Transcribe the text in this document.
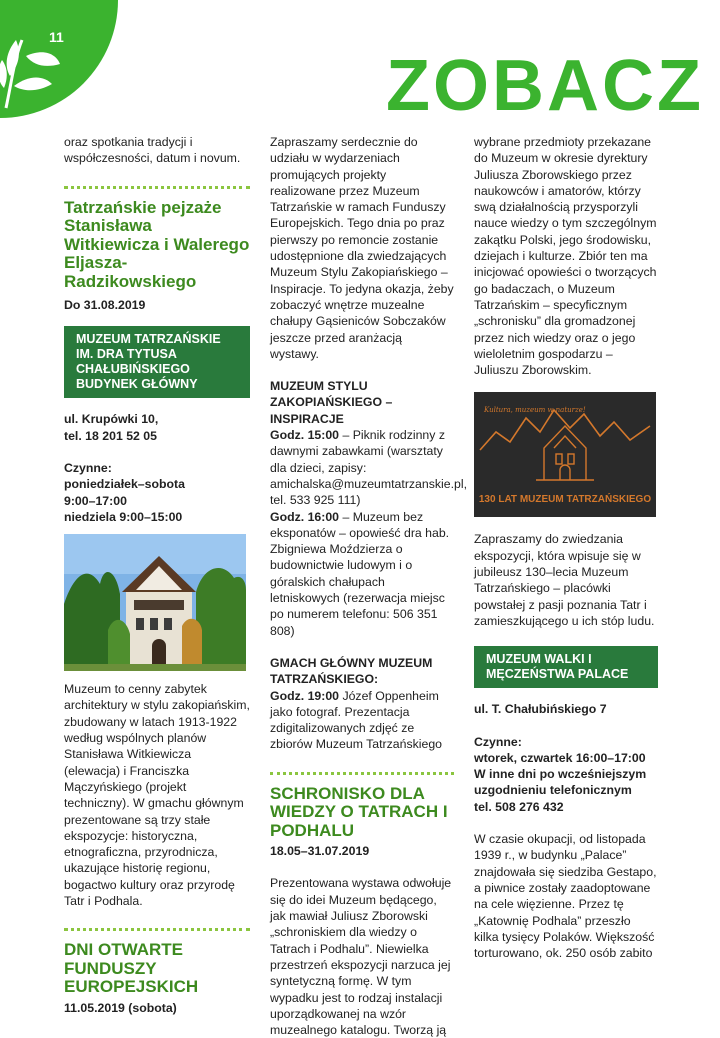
11
ZOBACZ

oraz spotkania tradycji i współczesności, datum i novum.

Tatrzańskie pejzaże Stanisława Witkiewicza i Walerego Eljasza-Radzikowskiego
Do 31.08.2019
MUZEUM TATRZAŃSKIE IM. DRA TYTUSA CHAŁUBIŃSKIEGO BUDYNEK GŁÓWNY

ul. Krupówki 10,

tel. 18 201 52 05

Czynne:

poniedziałek–sobota

9:00–17:00

niedziela 9:00–15:00

Muzeum to cenny zabytek architektury w stylu zakopiańskim, zbudowany w latach 1913-1922 według wspólnych planów Stanisława Witkiewicza (elewacja) i Franciszka Mączyńskiego (projekt techniczny). W gmachu głównym prezentowane są trzy stałe ekspozycje: historyczna, etnograficzna, przyrodnicza, ukazujące historię regionu, bogactwo kultury oraz przyrodę Tatr i Podhala.

DNI OTWARTE FUNDUSZY EUROPEJSKICH
11.05.2019 (sobota)

Zapraszamy serdecznie do udziału w wydarzeniach promujących projekty realizowane przez Muzeum Tatrzańskie w ramach Funduszy Europejskich. Tego dnia po praz pierwszy po remoncie zostanie udostępnione dla zwiedzających Muzeum Stylu Zakopiańskiego – Inspiracje. To jedyna okazja, żeby zobaczyć wnętrze muzealne chałupy Gąsieniców Sobczaków jeszcze przed aranżacją wystawy.

MUZEUM STYLU ZAKOPIAŃSKIEGO – INSPIRACJE

Godz. 15:00 – Piknik rodzinny z dawnymi zabawkami (warsztaty dla dzieci, zapisy: amichalska@muzeumtatrzanskie.pl, tel. 533 925 111)

Godz. 16:00 – Muzeum bez eksponatów – opowieść dra hab. Zbigniewa Moździerza o budownictwie ludowym i o góralskich chałupach letniskowych (rezerwacja miejsc po numerem telefonu: 506 351 808)

GMACH GŁÓWNY MUZEUM TATRZAŃSKIEGO:

Godz. 19:00 Józef Oppenheim jako fotograf. Prezentacja zdigitalizowanych zdjęć ze zbiorów Muzeum Tatrzańskiego

SCHRONISKO DLA WIEDZY O TATRACH I PODHALU
18.05–31.07.2019

Prezentowana wystawa odwołuje się do idei Muzeum będącego, jak mawiał Juliusz Zborowski „schroniskiem dla wiedzy o Tatrach i Podhalu”. Niewielka przestrzeń ekspozycji narzuca jej syntetyczną formę. W tym wypadku jest to rodzaj instalacji uporządkowanej na wzór muzealnego katalogu. Tworzą ją

wybrane przedmioty przekazane do Muzeum w okresie dyrektury Juliusza Zborowskiego przez naukowców i amatorów, którzy swą działalnością przysporzyli nauce wiedzy o tym szczególnym zakątku Polski, jego środowisku, dziejach i kulturze. Zbiór ten ma inicjować opowieści o tworzących go badaczach, o Muzeum Tatrzańskim – specyficznym „schronisku” dla gromadzonej przez nich wiedzy oraz o jego wieloletnim gospodarzu – Juliuszu Zborowskim.

Kultura, muzeum w naturze!
130 LAT MUZEUM TATRZAŃSKIEGO

Zapraszamy do zwiedzania ekspozycji, która wpisuje się w jubileusz 130–lecia Muzeum Tatrzańskiego – placówki powstałej z pasji poznania Tatr i zamieszkującego u ich stóp ludu.

MUZEUM WALKI I MĘCZEŃSTWA PALACE

ul. T. Chałubińskiego 7

Czynne:

wtorek, czwartek 16:00–17:00

W inne dni po wcześniejszym uzgodnieniu telefonicznym

tel. 508 276 432

W czasie okupacji, od listopada 1939 r., w budynku „Palace” znajdowała się siedziba Gestapo, a piwnice zostały zaadoptowane na cele więzienne. Przez tę „Katownię Podhala” przeszło kilka tysięcy Polaków. Większość torturowano, ok. 250 osób zabito
